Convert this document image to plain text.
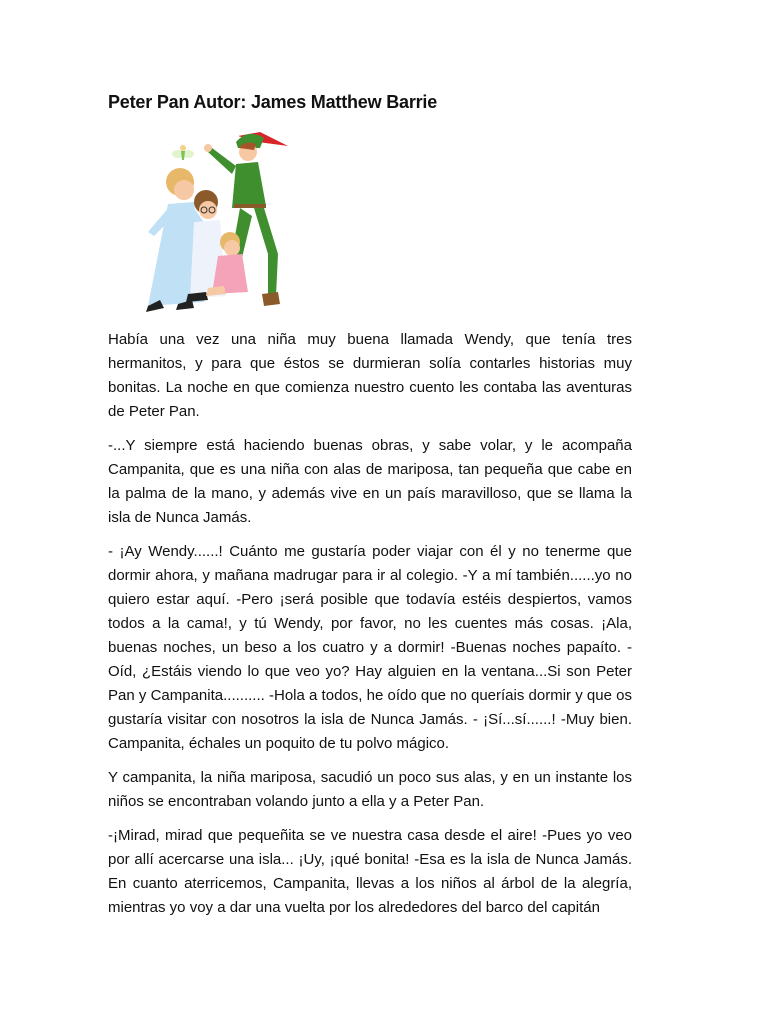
Peter Pan Autor: James Matthew Barrie

Había una vez una niña muy buena llamada Wendy, que tenía tres hermanitos, y para que éstos se durmieran solía contarles historias muy bonitas. La noche en que comienza nuestro cuento les contaba las aventuras de Peter Pan.

-...Y siempre está haciendo buenas obras, y sabe volar, y le acompaña Campanita, que es una niña con alas de mariposa, tan pequeña que cabe en la palma de la mano, y además vive en un país maravilloso, que se llama la isla de Nunca Jamás.

- ¡Ay Wendy......! Cuánto me gustaría poder viajar con él y no tenerme que dormir ahora, y mañana madrugar para ir al colegio. -Y a mí también......yo no quiero estar aquí. -Pero ¡será posible que todavía estéis despiertos, vamos todos a la cama!, y tú Wendy, por favor, no les cuentes más cosas. ¡Ala, buenas noches, un beso a los cuatro y a dormir! -Buenas noches papaíto. -Oíd, ¿Estáis viendo lo que veo yo? Hay alguien en la ventana...Si son Peter Pan y Campanita.......... -Hola a todos, he oído que no queríais dormir y que os gustaría visitar con nosotros la isla de Nunca Jamás. - ¡Sí...sí......! -Muy bien. Campanita, échales un poquito de tu polvo mágico.

Y campanita, la niña mariposa, sacudió un poco sus alas, y en un instante los niños se encontraban volando junto a ella y a Peter Pan.

-¡Mirad, mirad que pequeñita se ve nuestra casa desde el aire! -Pues yo veo por allí acercarse una isla... ¡Uy, ¡qué bonita! -Esa es la isla de Nunca Jamás. En cuanto aterricemos, Campanita, llevas a los niños al árbol de la alegría, mientras yo voy a dar una vuelta por los alrededores del barco del capitán
